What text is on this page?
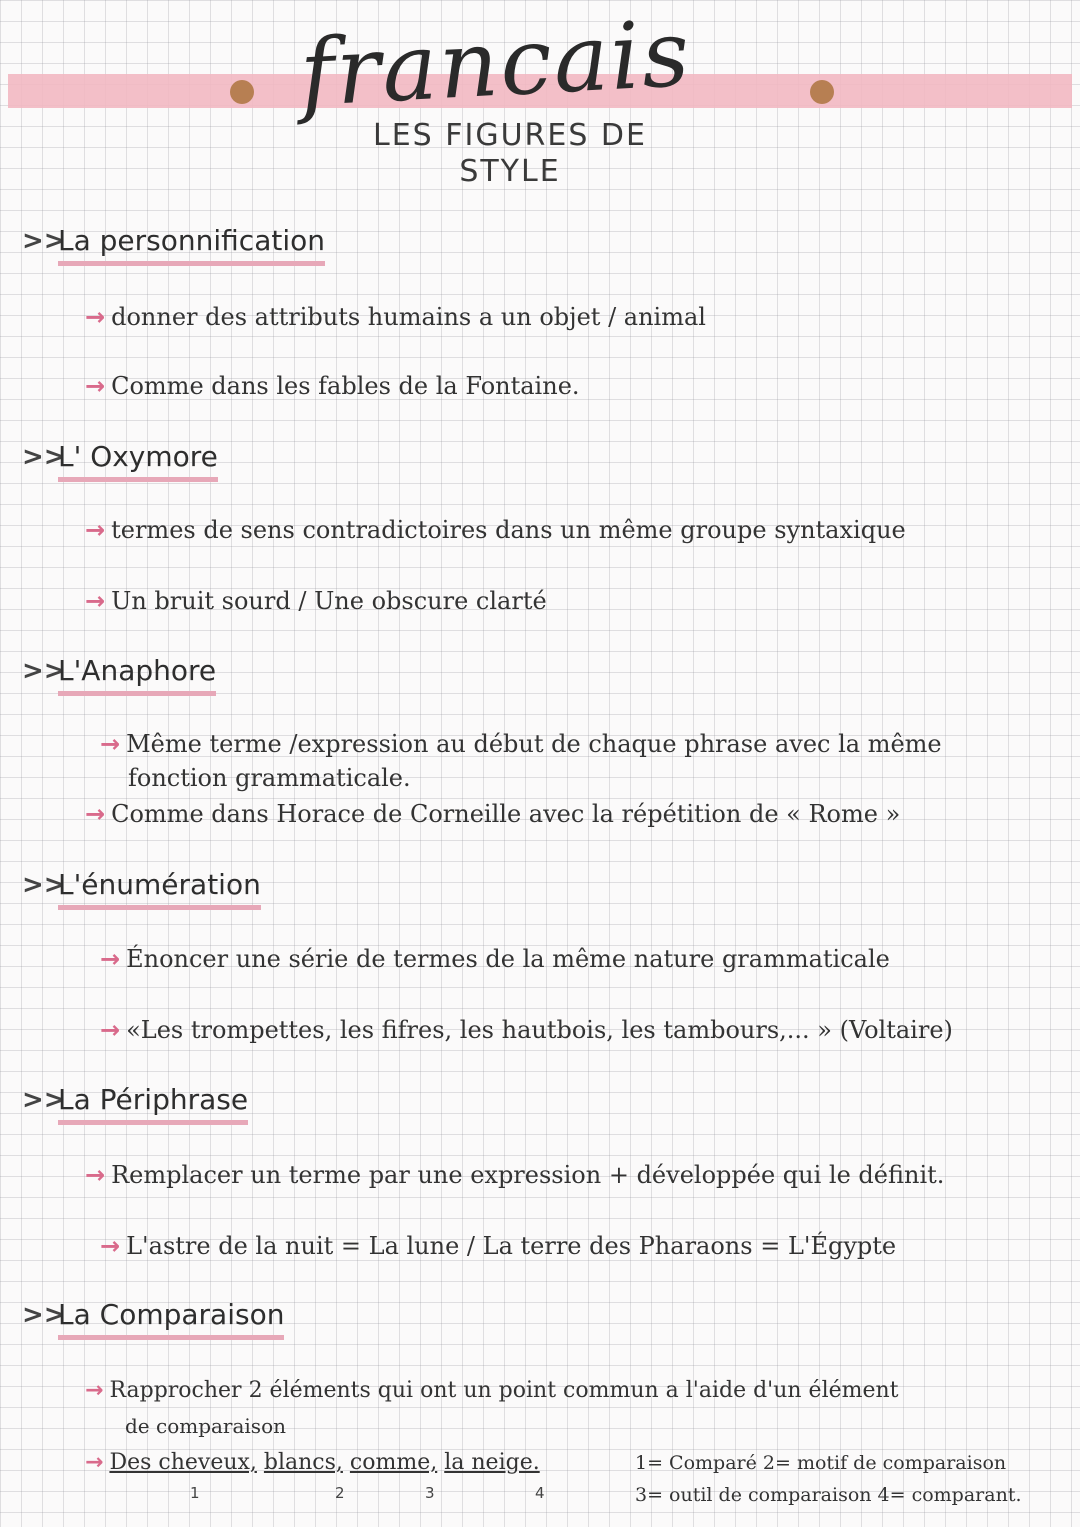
francais
LES FIGURES DE
STYLE
>>
La personnification
→ donner des attributs humains a un objet / animal
→ Comme dans les fables de la Fontaine.
>>
L' Oxymore
→ termes de sens contradictoires dans un même groupe syntaxique
→ Un bruit sourd / Une obscure clarté
>>
L'Anaphore
→ Même terme /expression au début de chaque phrase avec la même
fonction grammaticale.
→ Comme dans Horace de Corneille avec la répétition de « Rome »
>>
L'énumération
→ Énoncer une série de termes de la même nature grammaticale
→ «Les trompettes, les fifres, les hautbois, les tambours,... » (Voltaire)
>>
La Périphrase
→ Remplacer un terme par une expression + développée qui le définit.
→ L'astre de la nuit = La lune / La terre des Pharaons = L'Égypte
>>
La Comparaison
→ Rapprocher 2 éléments qui ont un point commun a l'aide d'un élément
de comparaison
→ Des cheveux, blancs, comme, la neige.
1	2	3	4
1= Comparé 2= motif de comparaison
3= outil de comparaison 4= comparant.
